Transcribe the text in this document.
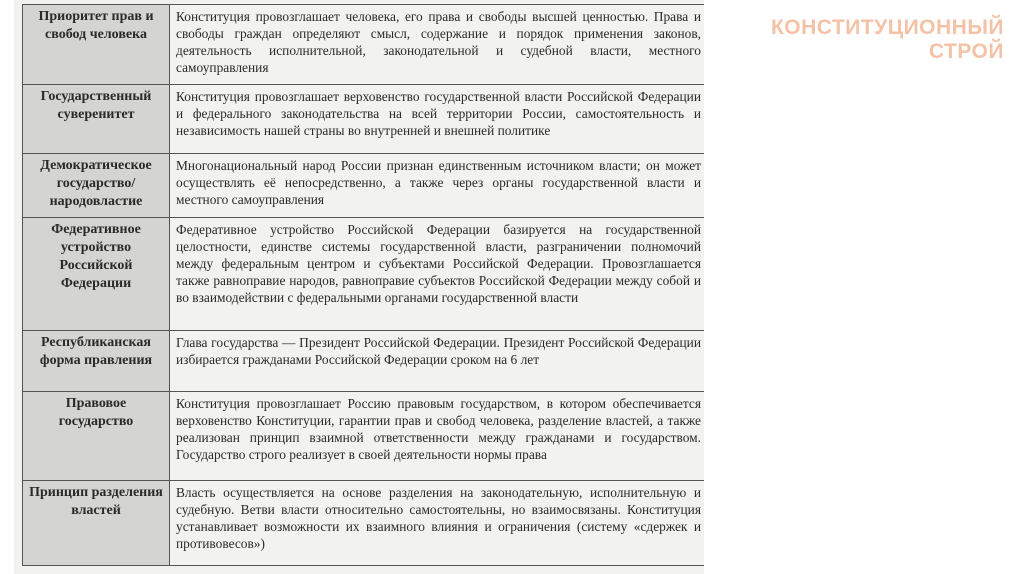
КОНСТИТУЦИОННЫЙ
СТРОЙ
Приоритет прав и свобод человека	Конституция провозглашает человека, его права и свободы высшей ценностью. Права и свободы граждан определяют смысл, содержание и порядок применения законов, деятельность исполнительной, законодательной и судебной власти, местного самоуправления
Государственный суверенитет	Конституция провозглашает верховенство государственной власти Российской Федерации и федерального законодательства на всей территории России, самостоятельность и независимость нашей страны во внутренней и внешней политике
Демократическое государство/ народовластие	Многонациональный народ России признан единственным источником власти; он может осуществлять её непосредственно, а также через органы государственной власти и местного самоуправления
Федеративное устройство Российской Федерации	Федеративное устройство Российской Федерации базируется на государственной целостности, единстве системы государственной власти, разграничении полномочий между федеральным центром и субъектами Российской Федерации. Провозглашается также равноправие народов, равноправие субъектов Российской Федерации между собой и во взаимодействии с федеральными органами государственной власти
Республиканская форма правления	Глава государства — Президент Российской Федерации. Президент Российской Федерации избирается гражданами Российской Федерации сроком на 6 лет
Правовое государство	Конституция провозглашает Россию правовым государством, в котором обеспечивается верховенство Конституции, гарантии прав и свобод человека, разделение властей, а также реализован принцип взаимной ответственности между гражданами и государством. Государство строго реализует в своей деятельности нормы права
Принцип разделения властей	Власть осуществляется на основе разделения на законодательную, исполнительную и судебную. Ветви власти относительно самостоятельны, но взаимосвязаны. Конституция устанавливает возможности их взаимного влияния и ограничения (систему «сдержек и противовесов»)
